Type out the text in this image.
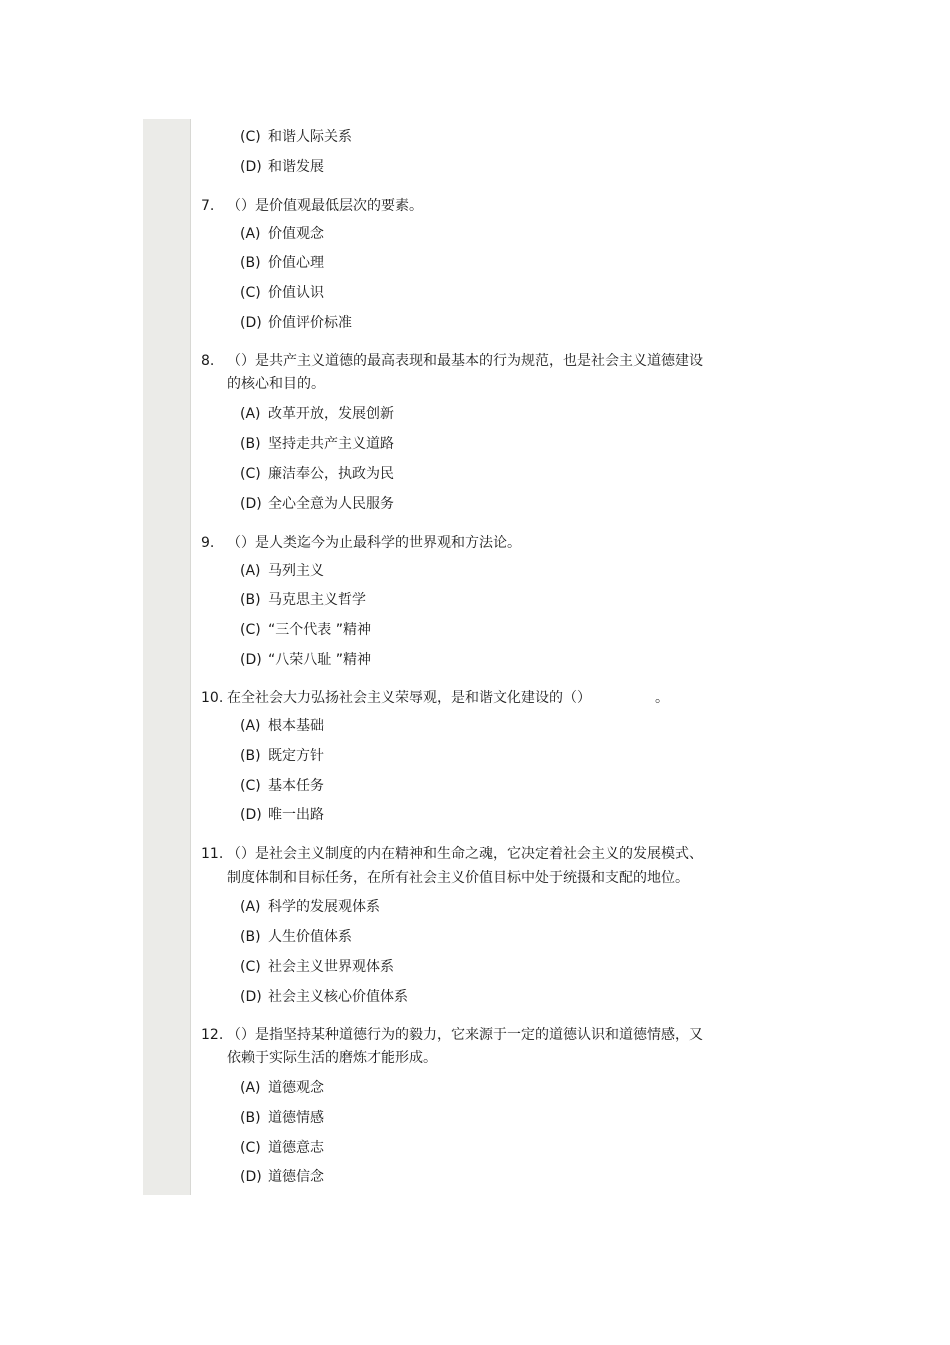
(C) 和谐人际关系
(D) 和谐发展
7. （）是价值观最低层次的要素。
(A) 价值观念
(B) 价值心理
(C) 价值认识
(D) 价值评价标准
8. （）是共产主义道德的最高表现和最基本的行为规范，也是社会主义道德建设
的核心和目的。
(A) 改革开放，发展创新
(B) 坚持走共产主义道路
(C) 廉洁奉公，执政为民
(D) 全心全意为人民服务
9. （）是人类迄今为止最科学的世界观和方法论。
(A) 马列主义
(B) 马克思主义哲学
(C) “三个代表 ”精神
(D) “八荣八耻 ”精神
10. 在全社会大力弘扬社会主义荣辱观，是和谐文化建设的（）	。
(A) 根本基础
(B) 既定方针
(C) 基本任务
(D) 唯一出路
11. （）是社会主义制度的内在精神和生命之魂，它决定着社会主义的发展模式、
制度体制和目标任务，在所有社会主义价值目标中处于统摄和支配的地位。
(A) 科学的发展观体系
(B) 人生价值体系
(C) 社会主义世界观体系
(D) 社会主义核心价值体系
12. （）是指坚持某种道德行为的毅力，它来源于一定的道德认识和道德情感，又
依赖于实际生活的磨炼才能形成。
(A) 道德观念
(B) 道德情感
(C) 道德意志
(D) 道德信念
